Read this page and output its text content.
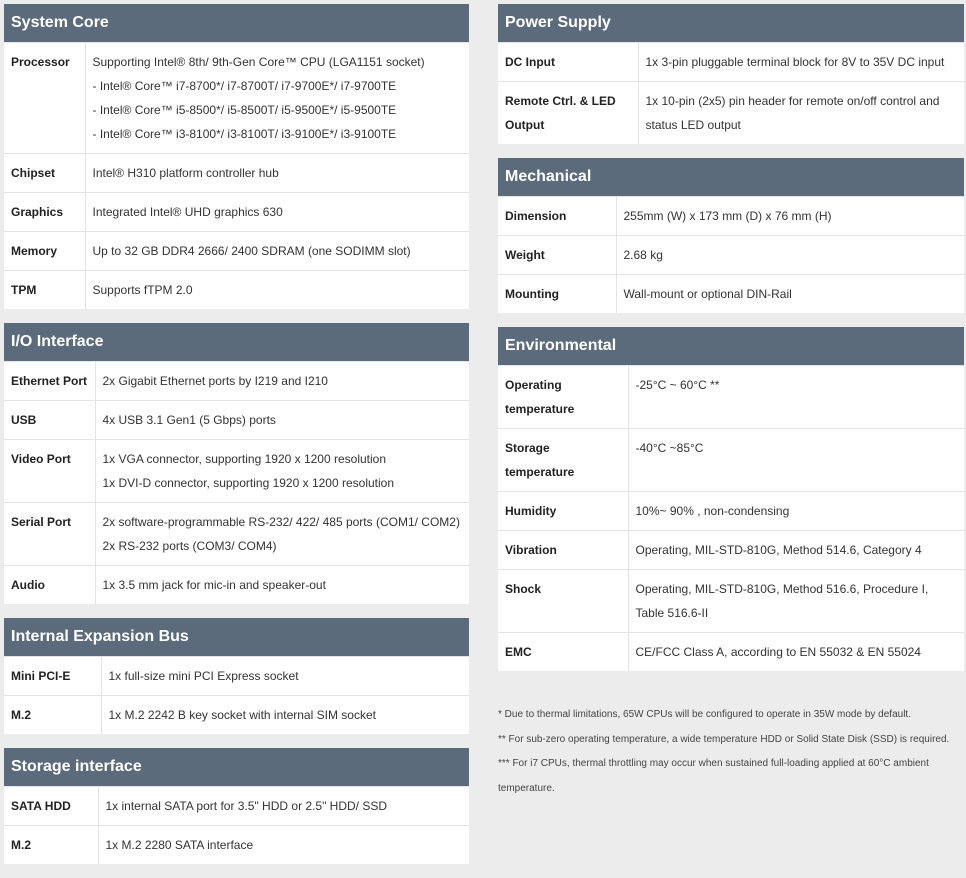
System Core
Processor	Supporting Intel® 8th/ 9th-Gen Core™ CPU (LGA1151 socket)
- Intel® Core™ i7-8700*/ i7-8700T/ i7-9700E*/ i7-9700TE
- Intel® Core™ i5-8500*/ i5-8500T/ i5-9500E*/ i5-9500TE
- Intel® Core™ i3-8100*/ i3-8100T/ i3-9100E*/ i3-9100TE

Chipset	Intel® H310 platform controller hub
Graphics	Integrated Intel® UHD graphics 630
Memory	Up to 32 GB DDR4 2666/ 2400 SDRAM (one SODIMM slot)
TPM	Supports fTPM 2.0
I/O Interface
Ethernet Port	2x Gigabit Ethernet ports by I219 and I210
USB	4x USB 3.1 Gen1 (5 Gbps) ports
Video Port	1x VGA connector, supporting 1920 x 1200 resolution
1x DVI-D connector, supporting 1920 x 1200 resolution

Serial Port	2x software-programmable RS-232/ 422/ 485 ports (COM1/ COM2)
2x RS-232 ports (COM3/ COM4)

Audio	1x 3.5 mm jack for mic-in and speaker-out
Internal Expansion Bus
Mini PCI-E	1x full-size mini PCI Express socket
M.2	1x M.2 2242 B key socket with internal SIM socket
Storage interface
SATA HDD	1x internal SATA port for 3.5" HDD or 2.5" HDD/ SSD
M.2	1x M.2 2280 SATA interface
Power Supply
DC Input	1x 3-pin pluggable terminal block for 8V to 35V DC input
Remote Ctrl. & LED Output	1x 10-pin (2x5) pin header for remote on/off control and status LED output
Mechanical
Dimension	255mm (W) x 173 mm (D) x 76 mm (H)
Weight	2.68 kg
Mounting	Wall-mount or optional DIN-Rail
Environmental
Operating temperature	-25°C ~ 60°C **
Storage temperature	-40°C ~85°C
Humidity	10%~ 90% , non-condensing
Vibration	Operating, MIL-STD-810G, Method 514.6, Category 4
Shock	Operating, MIL-STD-810G, Method 516.6, Procedure I, Table 516.6-II
EMC	CE/FCC Class A, according to EN 55032 & EN 55024
* Due to thermal limitations, 65W CPUs will be configured to operate in 35W mode by default.
** For sub-zero operating temperature, a wide temperature HDD or Solid State Disk (SSD) is required.
*** For i7 CPUs, thermal throttling may occur when sustained full-loading applied at 60°C ambient temperature.
